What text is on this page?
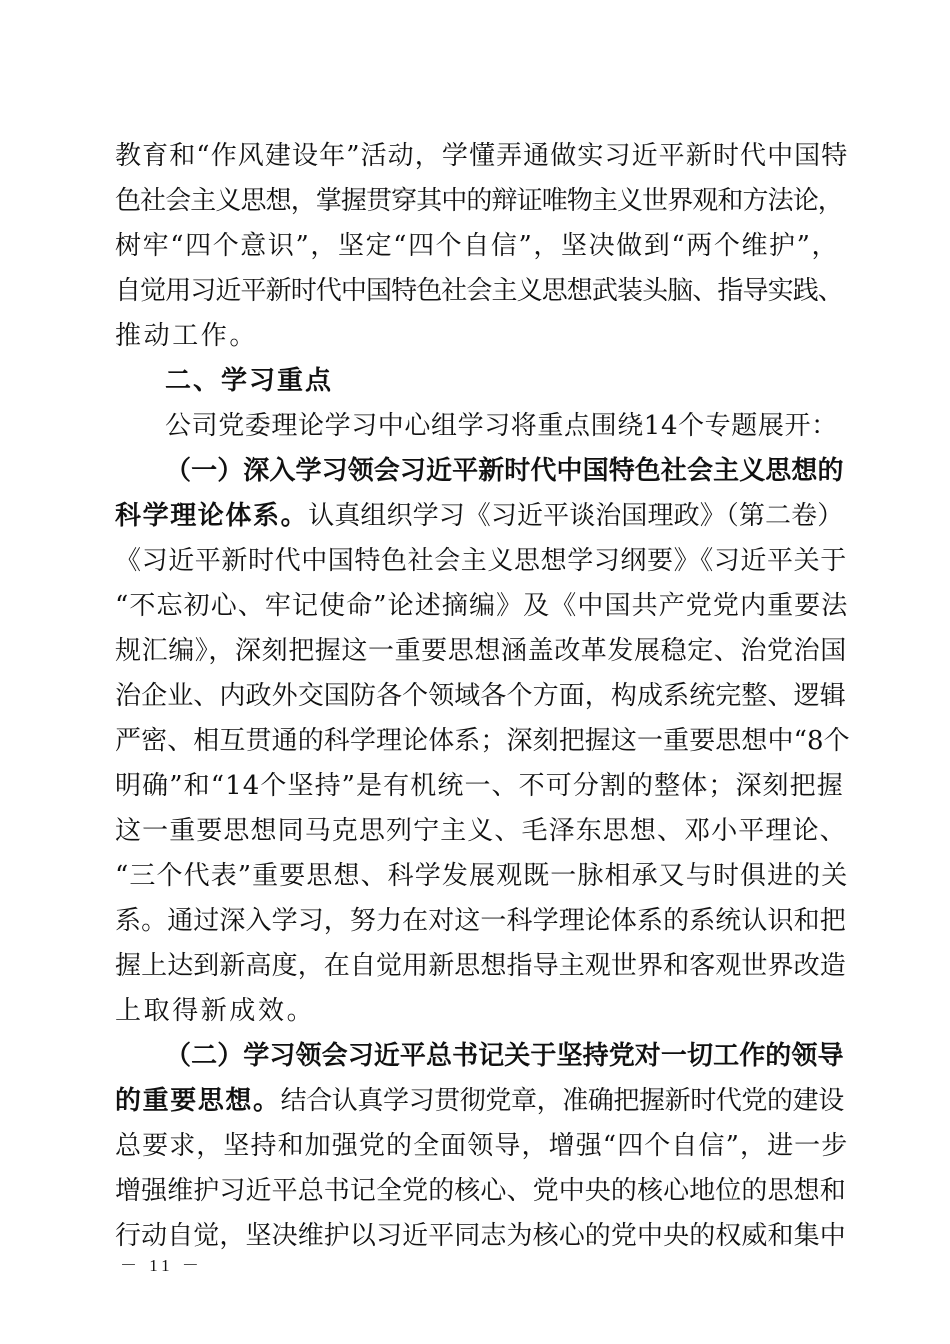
教育和“作风建设年”活动，学懂弄通做实习近平新时代中国特
色社会主义思想，掌握贯穿其中的辩证唯物主义世界观和方法论，
树牢“四个意识”，坚定“四个自信”，坚决做到“两个维护”，
自觉用习近平新时代中国特色社会主义思想武装头脑、指导实践、
推动工作。
二、学习重点
公司党委理论学习中心组学习将重点围绕14个专题展开：
（一）深入学习领会习近平新时代中国特色社会主义思想的
科学理论体系。认真组织学习《习近平谈治国理政》（第二卷）
《习近平新时代中国特色社会主义思想学习纲要》《习近平关于
“不忘初心、牢记使命”论述摘编》及《中国共产党党内重要法
规汇编》，深刻把握这一重要思想涵盖改革发展稳定、治党治国
治企业、内政外交国防各个领域各个方面，构成系统完整、逻辑
严密、相互贯通的科学理论体系；深刻把握这一重要思想中“8个
明确”和“14个坚持”是有机统一、不可分割的整体；深刻把握
这一重要思想同马克思列宁主义、毛泽东思想、邓小平理论、
“三个代表”重要思想、科学发展观既一脉相承又与时俱进的关
系。通过深入学习，努力在对这一科学理论体系的系统认识和把
握上达到新高度，在自觉用新思想指导主观世界和客观世界改造
上取得新成效。
（二）学习领会习近平总书记关于坚持党对一切工作的领导
的重要思想。结合认真学习贯彻党章，准确把握新时代党的建设
总要求，坚持和加强党的全面领导，增强“四个自信”，进一步
增强维护习近平总书记全党的核心、党中央的核心地位的思想和
行动自觉，坚决维护以习近平同志为核心的党中央的权威和集中
－ 11 －
